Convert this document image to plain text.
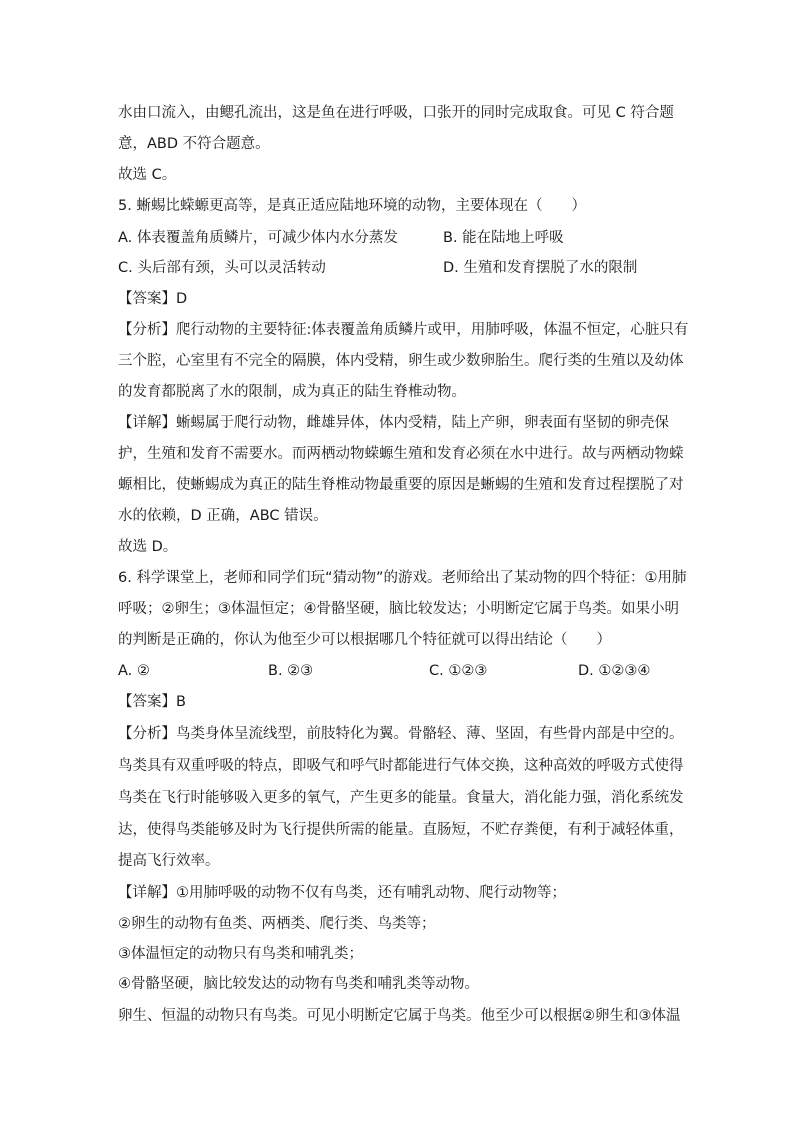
水由口流入，由鳃孔流出，这是鱼在进行呼吸，口张开的同时完成取食。可见 C 符合题
意，ABD 不符合题意。
故选 C。
5. 蜥蜴比蝾螈更高等，是真正适应陆地环境的动物，主要体现在（　　）
A. 体表覆盖角质鳞片，可减少体内水分蒸发	B. 能在陆地上呼吸
C. 头后部有颈，头可以灵活转动	D. 生殖和发育摆脱了水的限制
【答案】D
【分析】爬行动物的主要特征:体表覆盖角质鳞片或甲，用肺呼吸，体温不恒定，心脏只有
三个腔，心室里有不完全的隔膜，体内受精，卵生或少数卵胎生。爬行类的生殖以及幼体
的发育都脱离了水的限制，成为真正的陆生脊椎动物。
【详解】蜥蜴属于爬行动物，雌雄异体，体内受精，陆上产卵，卵表面有坚韧的卵壳保
护，生殖和发育不需要水。而两栖动物蝾螈生殖和发育必须在水中进行。故与两栖动物蝾
螈相比，使蜥蜴成为真正的陆生脊椎动物最重要的原因是蜥蜴的生殖和发育过程摆脱了对
水的依赖，D 正确，ABC 错误。
故选 D。
6. 科学课堂上，老师和同学们玩“猜动物”的游戏。老师给出了某动物的四个特征：①用肺
呼吸；②卵生；③体温恒定；④骨骼坚硬，脑比较发达；小明断定它属于鸟类。如果小明
的判断是正确的，你认为他至少可以根据哪几个特征就可以得出结论（　　）
A. ②	B. ②③	C. ①②③	D. ①②③④
【答案】B
【分析】鸟类身体呈流线型，前肢特化为翼。骨骼轻、薄、坚固，有些骨内部是中空的。
鸟类具有双重呼吸的特点，即吸气和呼气时都能进行气体交换，这种高效的呼吸方式使得
鸟类在飞行时能够吸入更多的氧气，产生更多的能量。食量大，消化能力强，消化系统发
达，使得鸟类能够及时为飞行提供所需的能量。直肠短，不贮存粪便，有利于减轻体重，
提高飞行效率。
【详解】①用肺呼吸的动物不仅有鸟类，还有哺乳动物、爬行动物等；
②卵生的动物有鱼类、两栖类、爬行类、鸟类等；
③体温恒定的动物只有鸟类和哺乳类；
④骨骼坚硬，脑比较发达的动物有鸟类和哺乳类等动物。
卵生、恒温的动物只有鸟类。可见小明断定它属于鸟类。他至少可以根据②卵生和③体温
